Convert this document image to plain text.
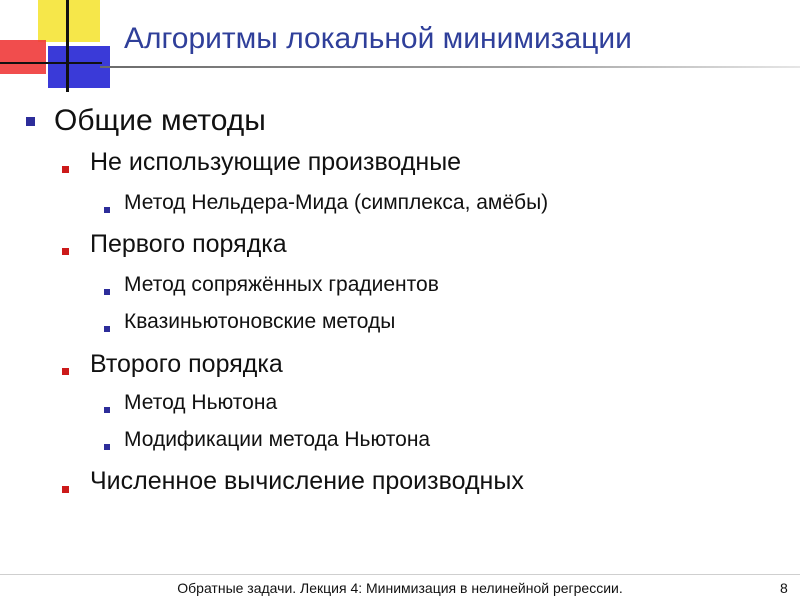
Алгоритмы локальной минимизации
Общие методы
Не использующие производные
Метод Нельдера-Мида (симплекса, амёбы)
Первого порядка
Метод сопряжённых градиентов
Квазиньютоновские методы
Второго порядка
Метод Ньютона
Модификации метода Ньютона
Численное вычисление производных
Обратные задачи. Лекция 4: Минимизация в нелинейной регрессии.	8
